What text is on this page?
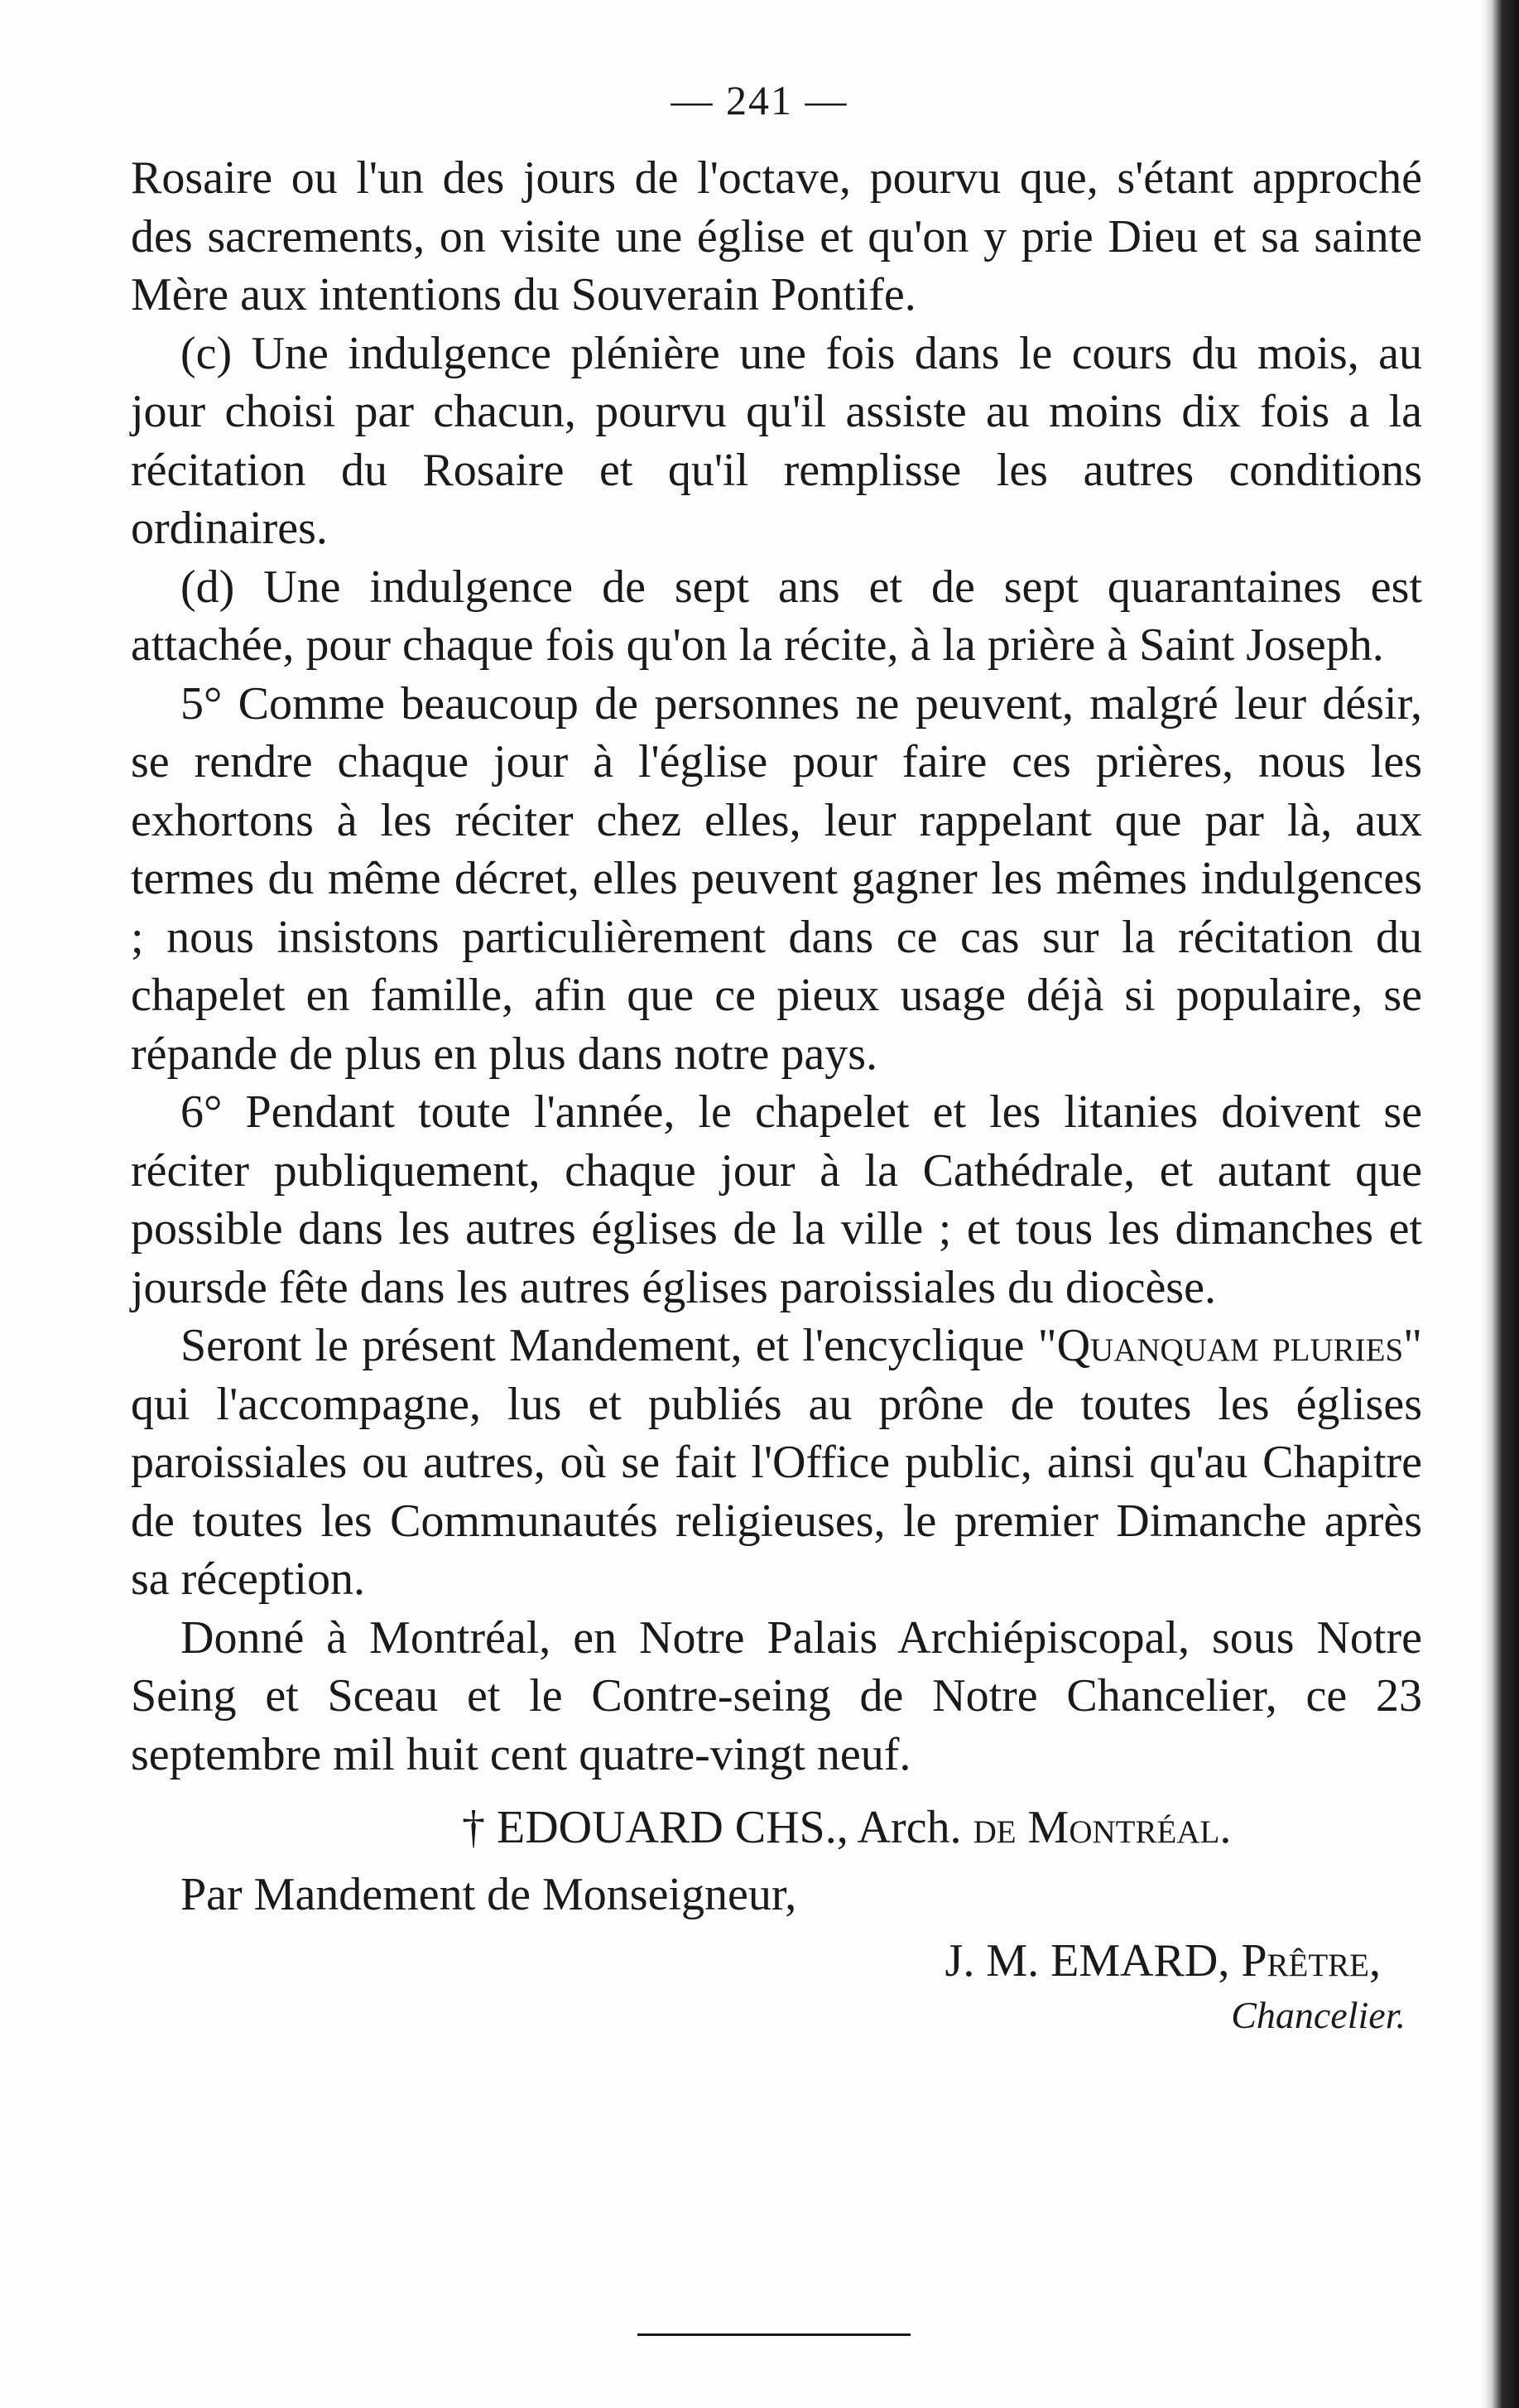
— 241 —

Rosaire ou l'un des jours de l'octave, pourvu que, s'étant approché des sacrements, on visite une église et qu'on y prie Dieu et sa sainte Mère aux intentions du Souverain Pontife.

(c) Une indulgence plénière une fois dans le cours du mois, au jour choisi par chacun, pourvu qu'il assiste au moins dix fois a la récitation du Rosaire et qu'il remplisse les autres conditions ordinaires.

(d) Une indulgence de sept ans et de sept quarantaines est attachée, pour chaque fois qu'on la récite, à la prière à Saint Joseph.

5° Comme beaucoup de personnes ne peuvent, malgré leur désir, se rendre chaque jour à l'église pour faire ces prières, nous les exhortons à les réciter chez elles, leur rappelant que par là, aux termes du même décret, elles peuvent gagner les mêmes indulgences ; nous insistons particulièrement dans ce cas sur la récitation du chapelet en famille, afin que ce pieux usage déjà si populaire, se répande de plus en plus dans notre pays.

6° Pendant toute l'année, le chapelet et les litanies doivent se réciter publiquement, chaque jour à la Cathédrale, et autant que possible dans les autres églises de la ville ; et tous les dimanches et joursde fête dans les autres églises paroissiales du diocèse.

Seront le présent Mandement, et l'encyclique "Quanquam pluries" qui l'accompagne, lus et publiés au prône de toutes les églises paroissiales ou autres, où se fait l'Office public, ainsi qu'au Chapitre de toutes les Communautés religieuses, le premier Dimanche après sa réception.

Donné à Montréal, en Notre Palais Archiépiscopal, sous Notre Seing et Sceau et le Contre-seing de Notre Chancelier, ce 23 septembre mil huit cent quatre-vingt neuf.

† EDOUARD CHS., Arch. de Montréal.

Par Mandement de Monseigneur,

J. M. EMARD, Prêtre,

Chancelier.
